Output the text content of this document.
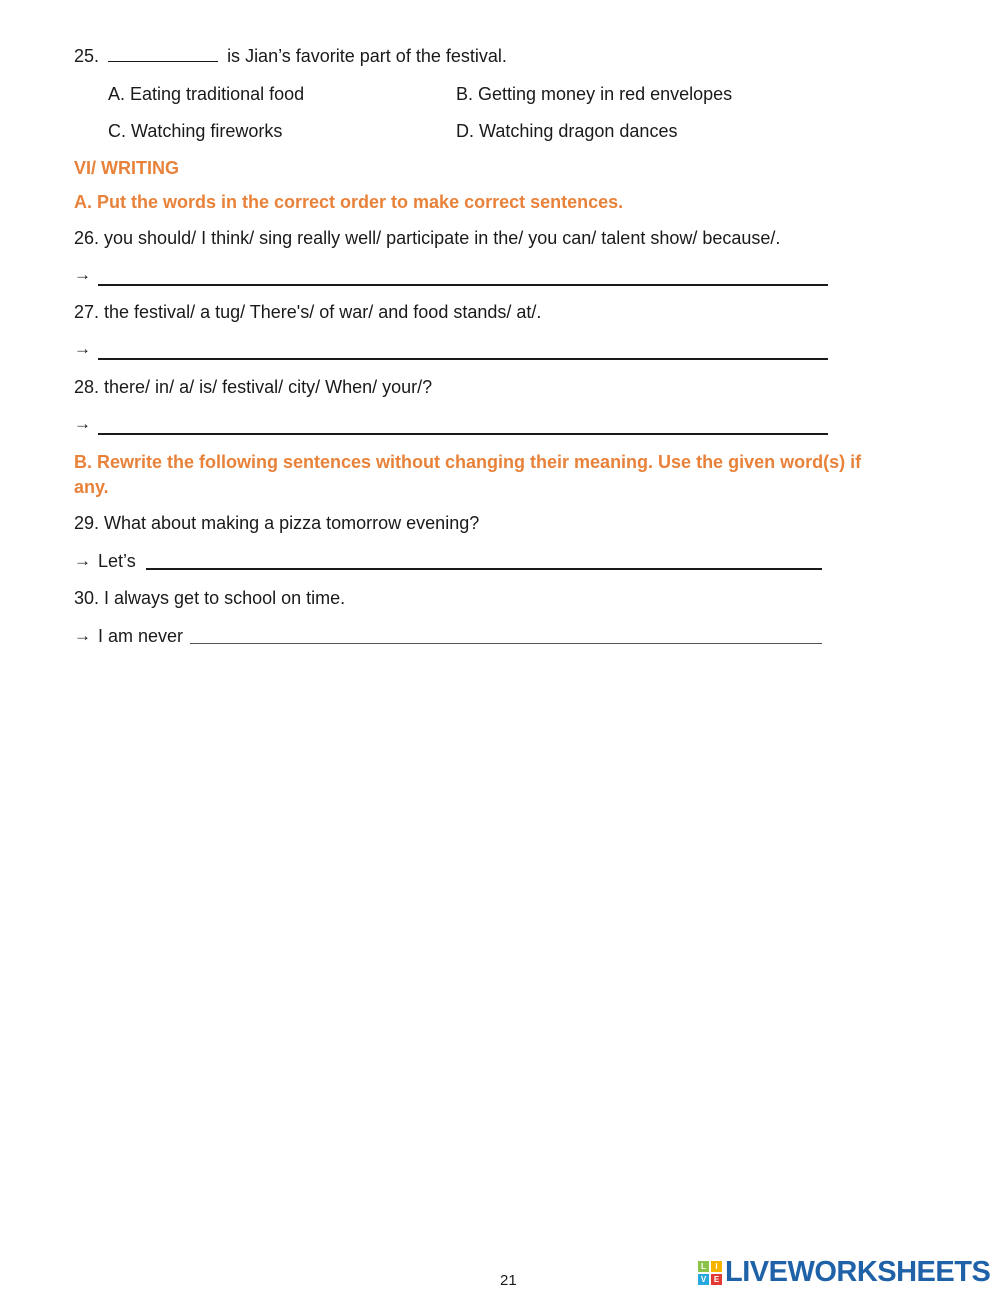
25.	is Jian’s favorite part of the festival.
A. Eating traditional food	B. Getting money in red envelopes
C. Watching fireworks	D. Watching dragon dances
VI/ WRITING
A. Put the words in the correct order to make correct sentences.
26. you should/ I think/ sing really well/ participate in the/ you can/ talent show/ because/.
→
27. the festival/ a tug/ There's/ of war/ and food stands/ at/.
→
28. there/ in/ a/ is/ festival/ city/ When/ your/?
→
B. Rewrite the following sentences without changing their meaning. Use the given word(s) if
any.
29. What about making a pizza tomorrow evening?
→ Let’s
30. I always get to school on time.
→ I am never
21
L	I
V E LIVEWORKSHEETS
